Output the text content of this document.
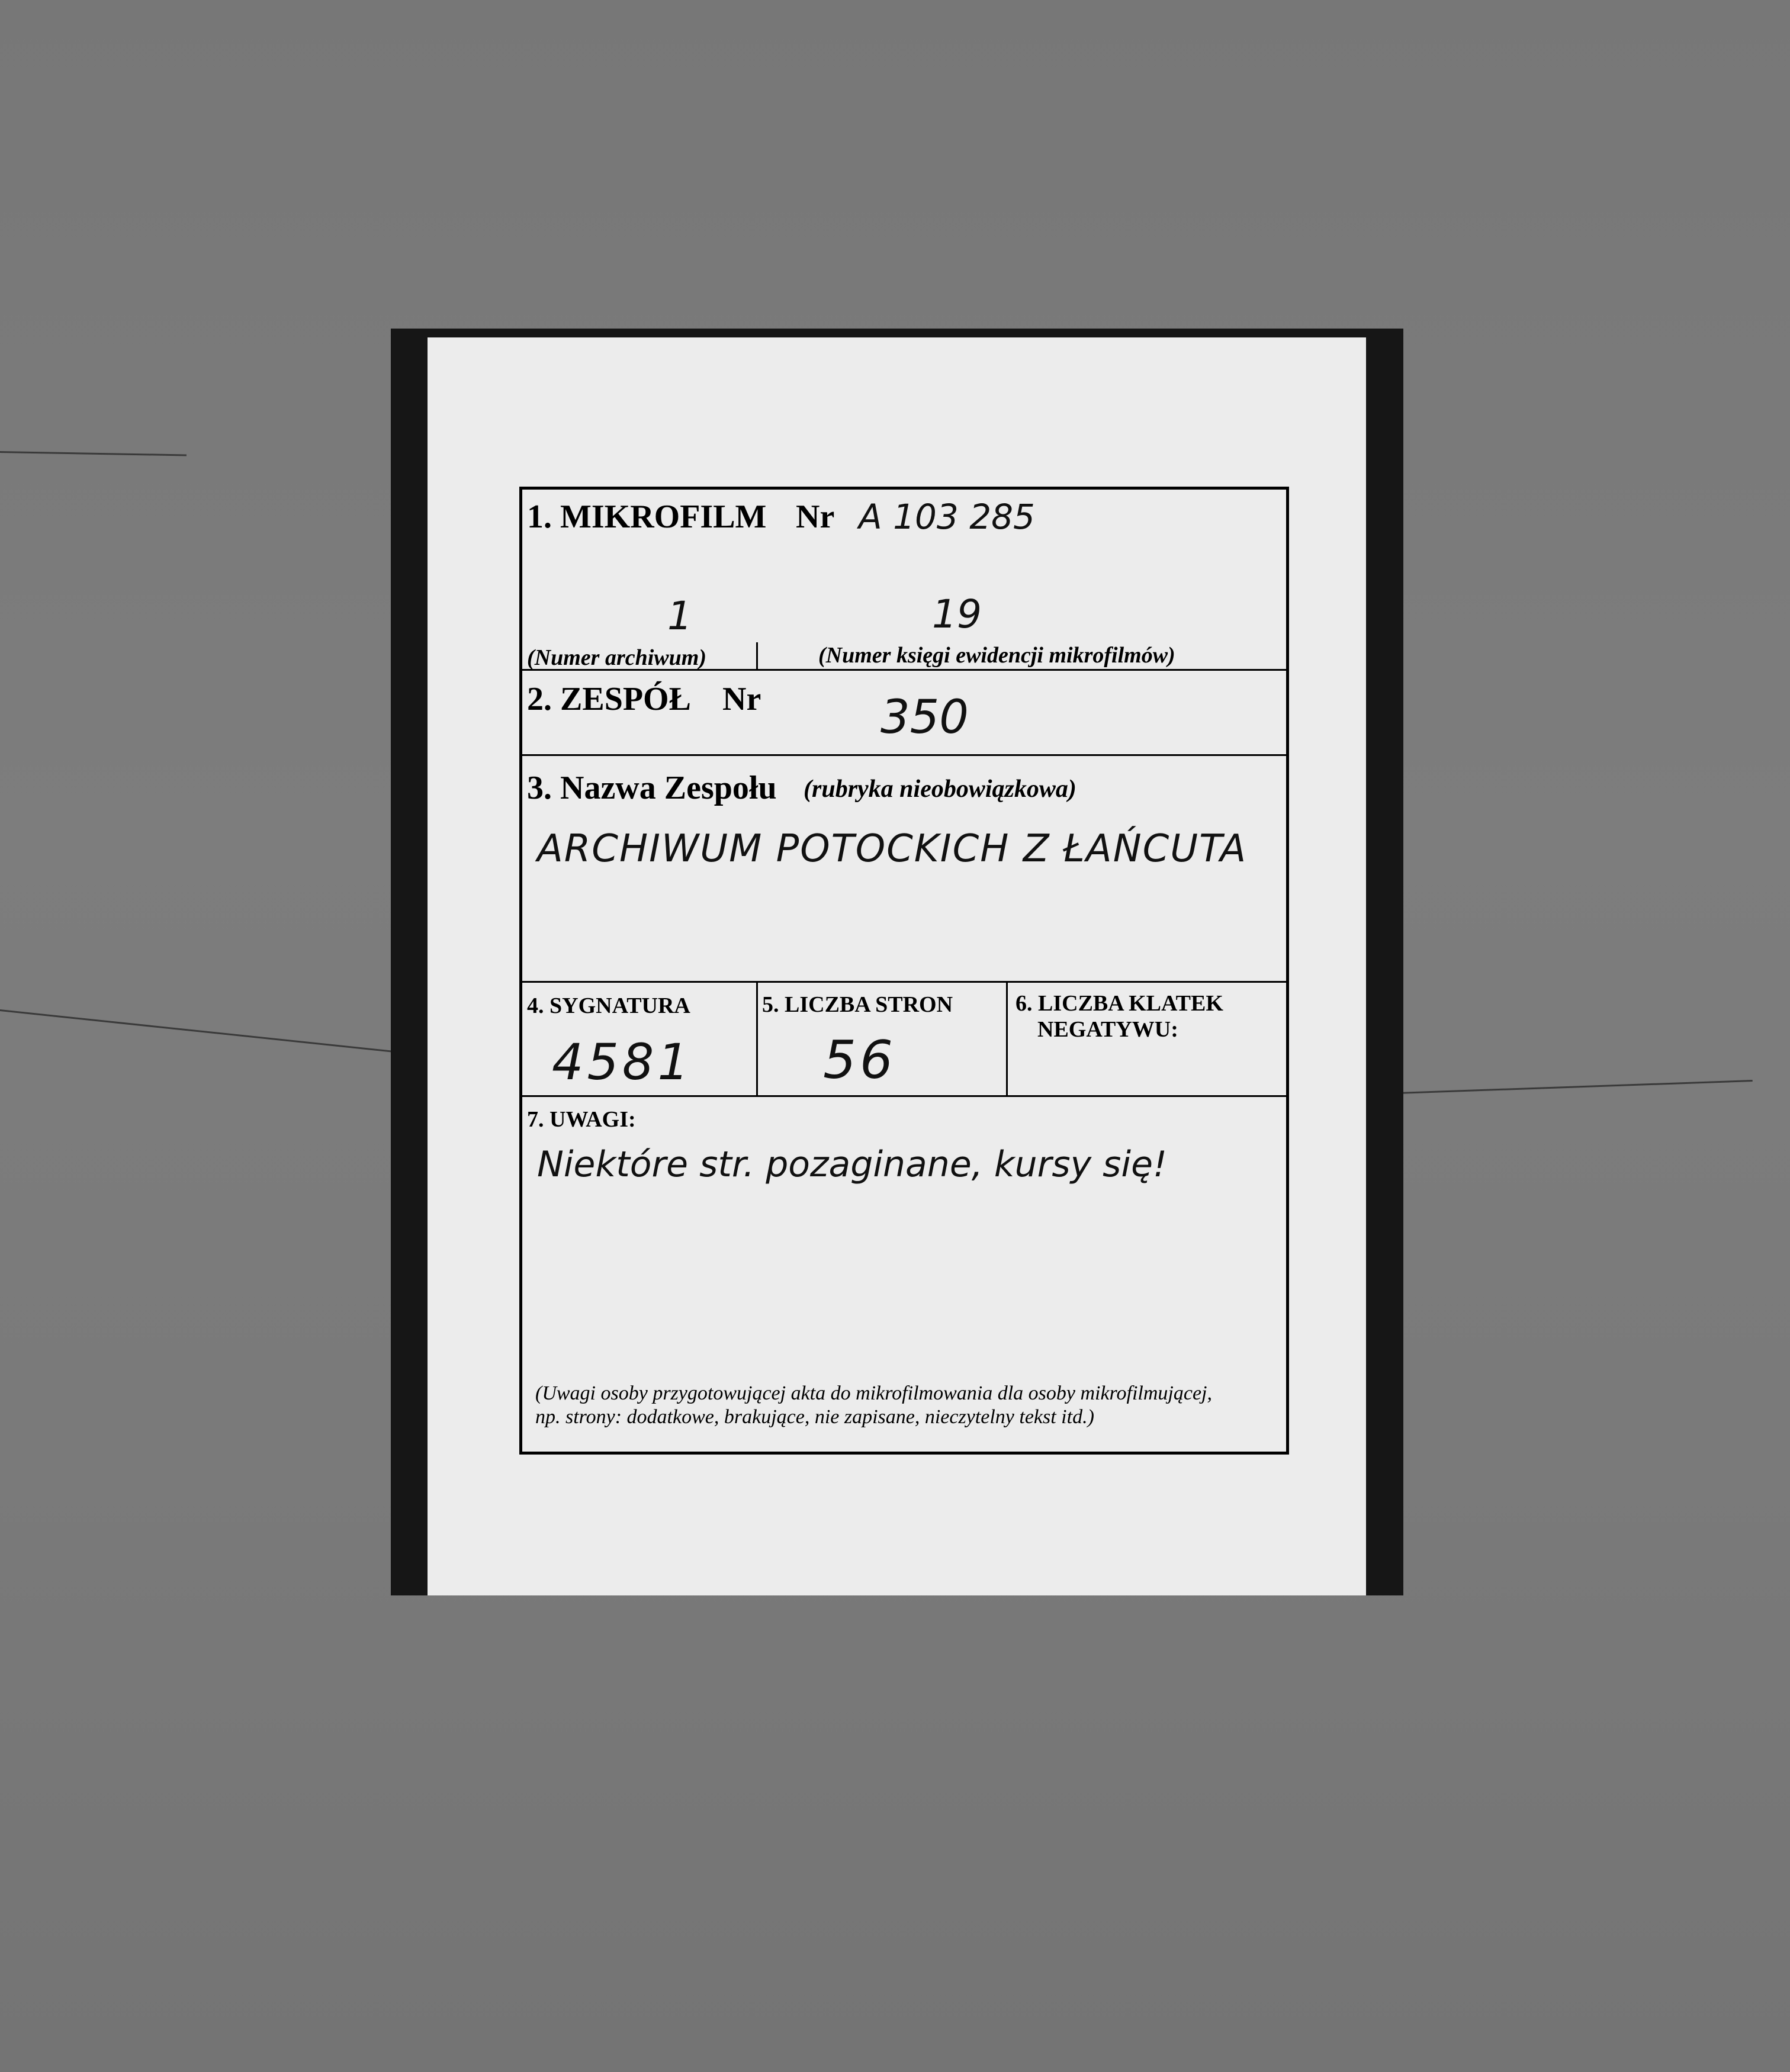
1. MIKROFILM Nr A 103 285
1	19
(Numer archiwum)	(Numer księgi ewidencji mikrofilmów)
2. ZESPÓŁ Nr	350
3. Nazwa Zespołu (rubryka nieobowiązkowa)
ARCHIWUM POTOCKICH Z ŁAŃCUTA
4. SYGNATURA
4581
5. LICZBA STRON
56
6. LICZBA KLATEK
NEGATYWU:
7. UWAGI:
Niektóre str. pozaginane, kursy się!
(Uwagi osoby przygotowującej akta do mikrofilmowania dla osoby mikrofilmującej,
np. strony: dodatkowe, brakujące, nie zapisane, nieczytelny tekst itd.)
